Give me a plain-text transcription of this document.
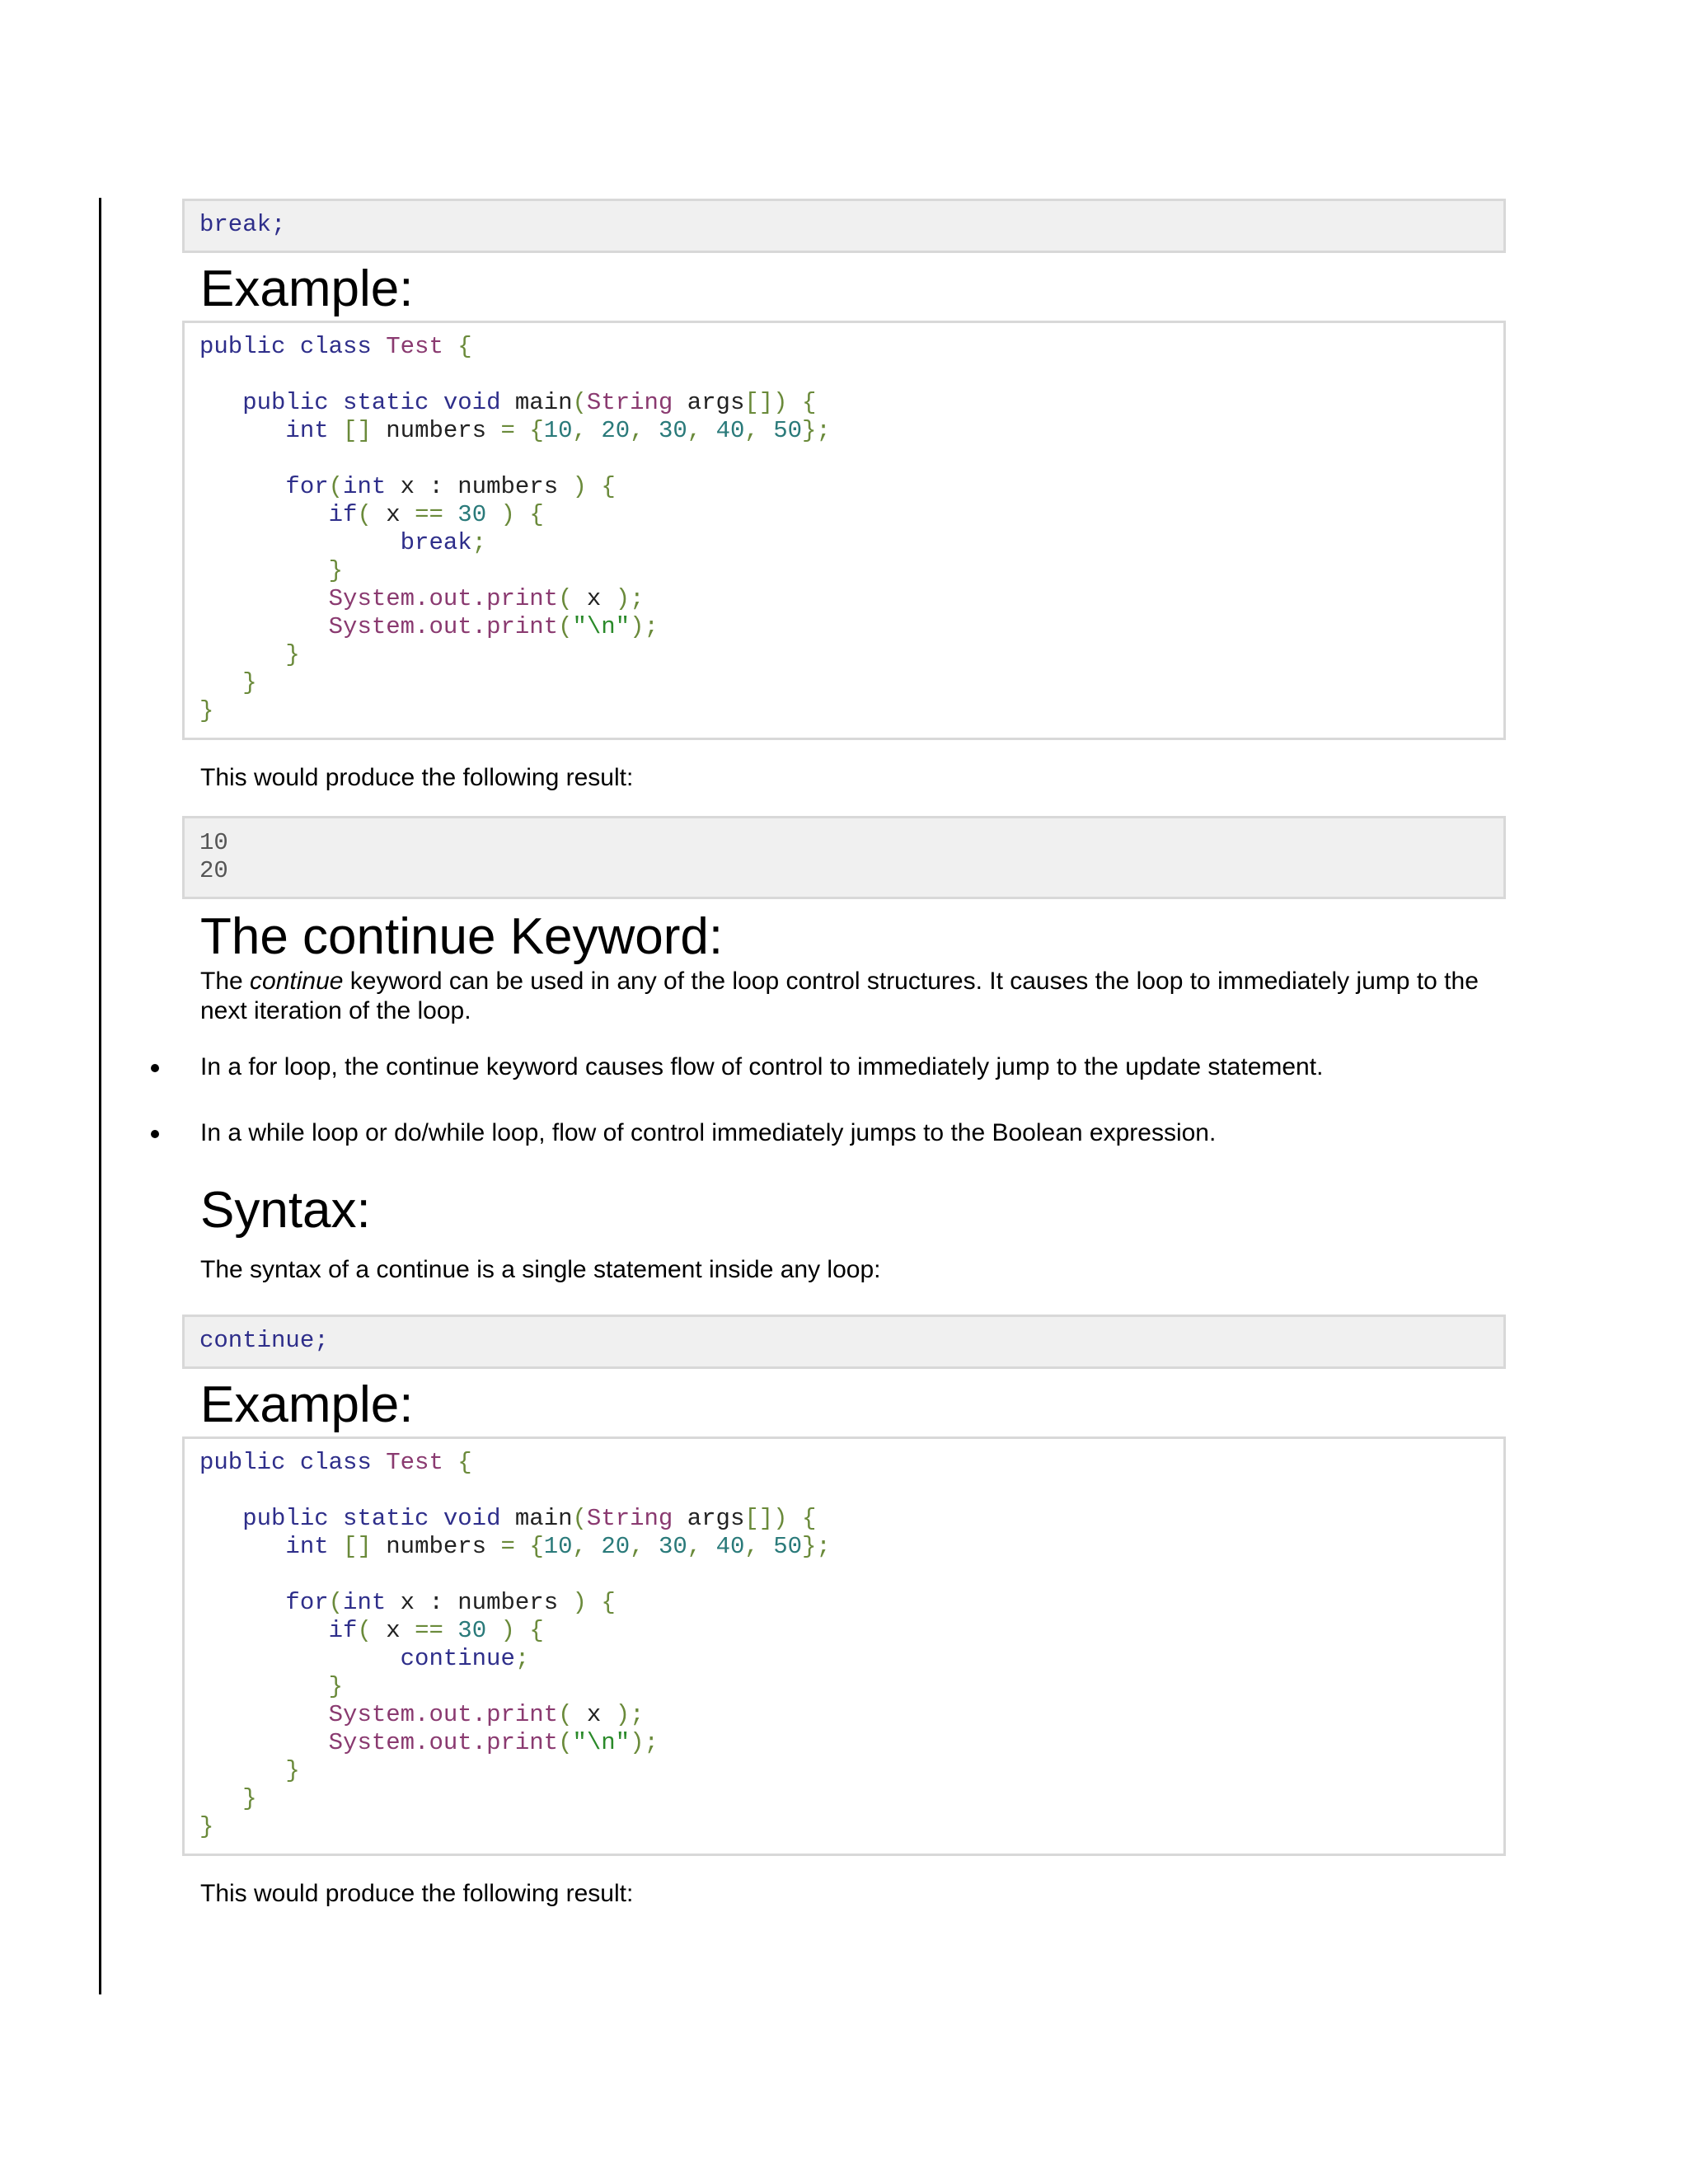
break;
Example:
public class Test {

public static void main(String args[]) {
int [] numbers = {10, 20, 30, 40, 50};

for(int x : numbers ) {
if( x == 30 ) {
break;
}
System.out.print( x );
System.out.print("\n");
}
}
}

This would produce the following result:

10
20
The continue Keyword:

The continue keyword can be used in any of the loop control structures. It causes the loop to immediately jump to the next iteration of the loop.

In a for loop, the continue keyword causes flow of control to immediately jump to the update statement.
In a while loop or do/while loop, flow of control immediately jumps to the Boolean expression.
Syntax:

The syntax of a continue is a single statement inside any loop:

continue;
Example:
public class Test {

public static void main(String args[]) {
int [] numbers = {10, 20, 30, 40, 50};

for(int x : numbers ) {
if( x == 30 ) {
continue;
}
System.out.print( x );
System.out.print("\n");
}
}
}

This would produce the following result:
